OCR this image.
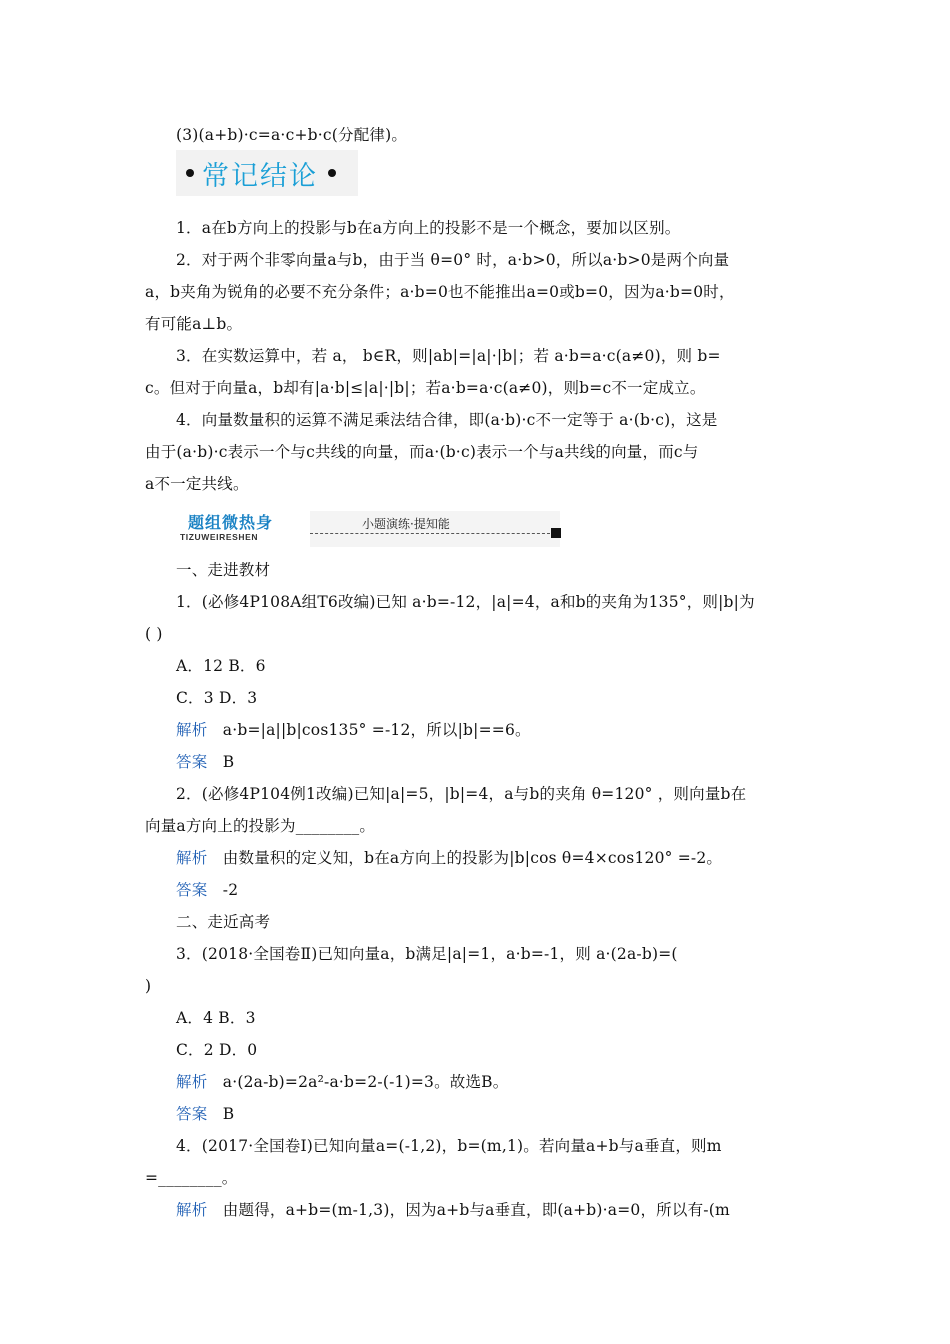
(3)(a+b)·c=a·c+b·c(分配律)。
常记结论
1．a在b方向上的投影与b在a方向上的投影不是一个概念，要加以区别。
2．对于两个非零向量a与b，由于当 θ=0° 时，a·b>0，所以a·b>0是两个向量
a，b夹角为锐角的必要不充分条件；a·b=0也不能推出a=0或b=0，因为a·b=0时，
有可能a⊥b。
3．在实数运算中，若 a， b∈R，则|ab|=|a|·|b|；若 a·b=a·c(a≠0)，则 b=
c。但对于向量a，b却有|a·b|≤|a|·|b|；若a·b=a·c(a≠0)，则b=c不一定成立。
4．向量数量积的运算不满足乘法结合律，即(a·b)·c不一定等于 a·(b·c)，这是
由于(a·b)·c表示一个与c共线的向量，而a·(b·c)表示一个与a共线的向量，而c与
a不一定共线。
题组微热身
TIZUWEIRESHEN
小题演练·提知能
一、走进教材
1．(必修4P108A组T6改编)已知 a·b=-12，|a|=4，a和b的夹角为135°，则|b|为
( )
A．12 B．6
C．3 D．3
解析 a·b=|a||b|cos135° =-12，所以|b|==6。
答案 B
2．(必修4P104例1改编)已知|a|=5，|b|=4，a与b的夹角 θ=120° ，则向量b在
向量a方向上的投影为________。
解析 由数量积的定义知，b在a方向上的投影为|b|cos θ=4×cos120° =-2。
答案 -2
二、走近高考
3．(2018·全国卷Ⅱ)已知向量a，b满足|a|=1，a·b=-1，则 a·(2a-b)=(
)
A．4 B．3
C．2 D．0
解析 a·(2a-b)=2a²-a·b=2-(-1)=3。故选B。
答案 B
4．(2017·全国卷Ⅰ)已知向量a=(-1,2)，b=(m,1)。若向量a+b与a垂直，则m
=________。
解析 由题得，a+b=(m-1,3)，因为a+b与a垂直，即(a+b)·a=0，所以有-(m
